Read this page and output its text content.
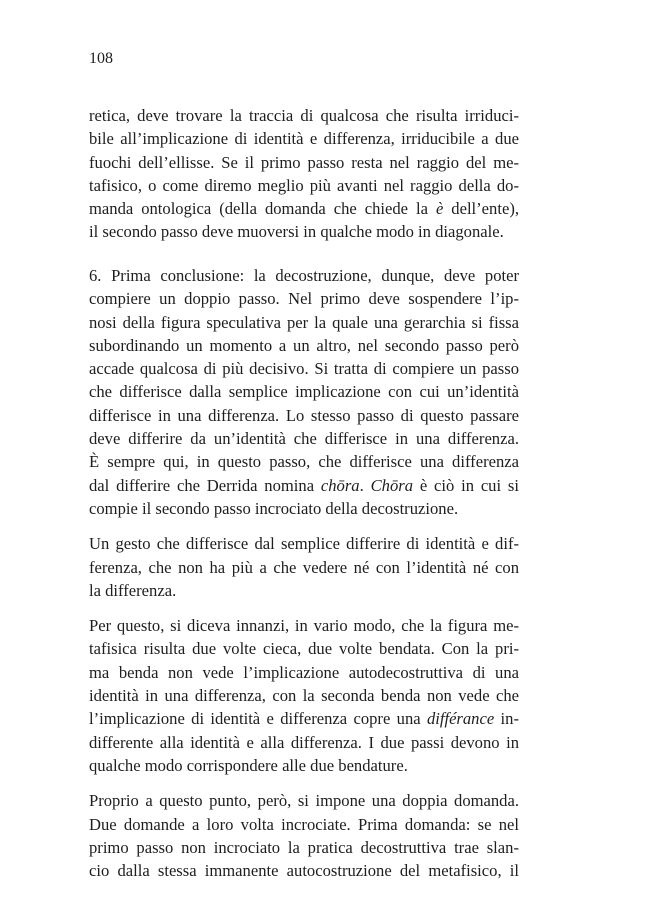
108

retica, deve trovare la traccia di qualcosa che risulta irriduci-
bile all’implicazione di identità e differenza, irriducibile a due
fuochi dell’ellisse. Se il primo passo resta nel raggio del me-
tafisico, o come diremo meglio più avanti nel raggio della do-
manda ontologica (della domanda che chiede la è dell’ente),
il secondo passo deve muoversi in qualche modo in diagonale.

6. Prima conclusione: la decostruzione, dunque, deve poter
compiere un doppio passo. Nel primo deve sospendere l’ip-
nosi della figura speculativa per la quale una gerarchia si fissa
subordinando un momento a un altro, nel secondo passo però
accade qualcosa di più decisivo. Si tratta di compiere un passo
che differisce dalla semplice implicazione con cui un’identità
differisce in una differenza. Lo stesso passo di questo passare
deve differire da un’identità che differisce in una differenza.
È sempre qui, in questo passo, che differisce una differenza
dal differire che Derrida nomina chōra. Chōra è ciò in cui si
compie il secondo passo incrociato della decostruzione.

Un gesto che differisce dal semplice differire di identità e dif-
ferenza, che non ha più a che vedere né con l’identità né con
la differenza.

Per questo, si diceva innanzi, in vario modo, che la figura me-
tafisica risulta due volte cieca, due volte bendata. Con la pri-
ma benda non vede l’implicazione autodecostruttiva di una
identità in una differenza, con la seconda benda non vede che
l’implicazione di identità e differenza copre una différance in-
differente alla identità e alla differenza. I due passi devono in
qualche modo corrispondere alle due bendature.

Proprio a questo punto, però, si impone una doppia domanda.
Due domande a loro volta incrociate. Prima domanda: se nel
primo passo non incrociato la pratica decostruttiva trae slan-
cio dalla stessa immanente autocostruzione del metafisico, il
